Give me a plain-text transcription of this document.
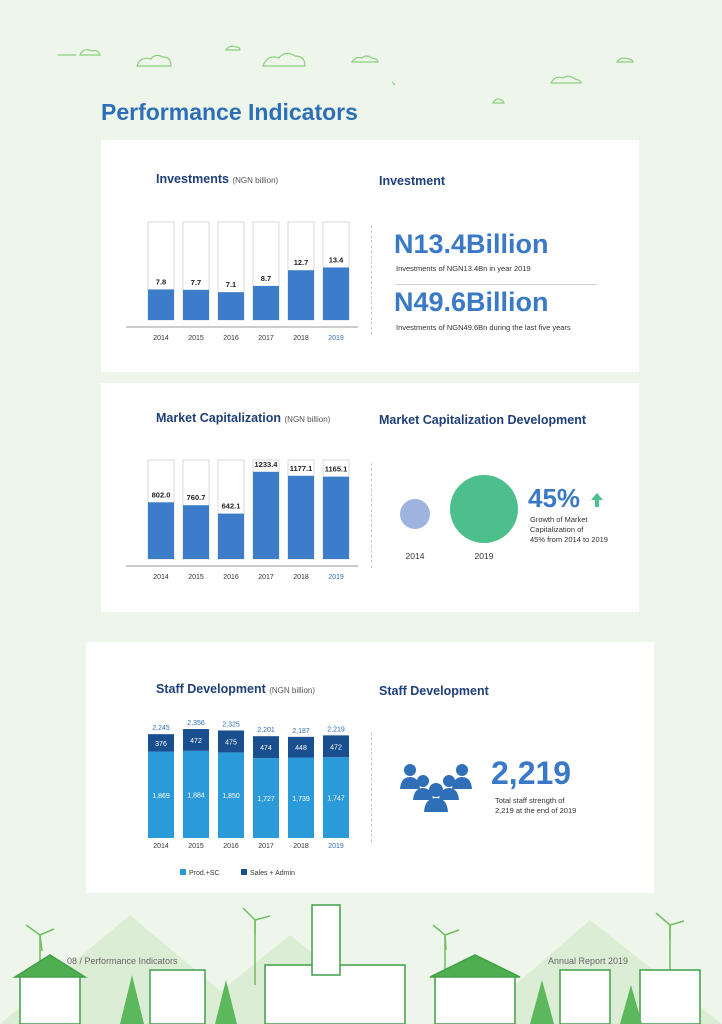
Performance Indicators
Investments (NGN billion)
7.8
2014
7.7
2015
7.1
2016
8.7
2017
12.7
2018
13.4
2019
Investment
N13.4Billion
Investments of NGN13.4Bn in year 2019
N49.6Billion
Investments of NGN49.6Bn during the last five years
Market Capitalization (NGN billion)
802.0
2014
760.7
2015
642.1
2016
1233.4
2017
1177.1
2018
1165.1
2019
Market Capitalization Development
2014	2019
45%
Growth of Market
Capitalization of
45% from 2014 to 2019
Staff Development (NGN billion)
1,869
376
2,245
2014
1,884
472
2,356
2015
1,850
475
2,325
2016
1,727
474
2,201
2017
1,739
448
2,187
2018
1,747
472
2,219
2019
Prod.+SC	Sales + Admin
Staff Development
2,219
Total staff strength of
2,219 at the end of 2019
08 / Performance Indicators	Annual Report 2019
